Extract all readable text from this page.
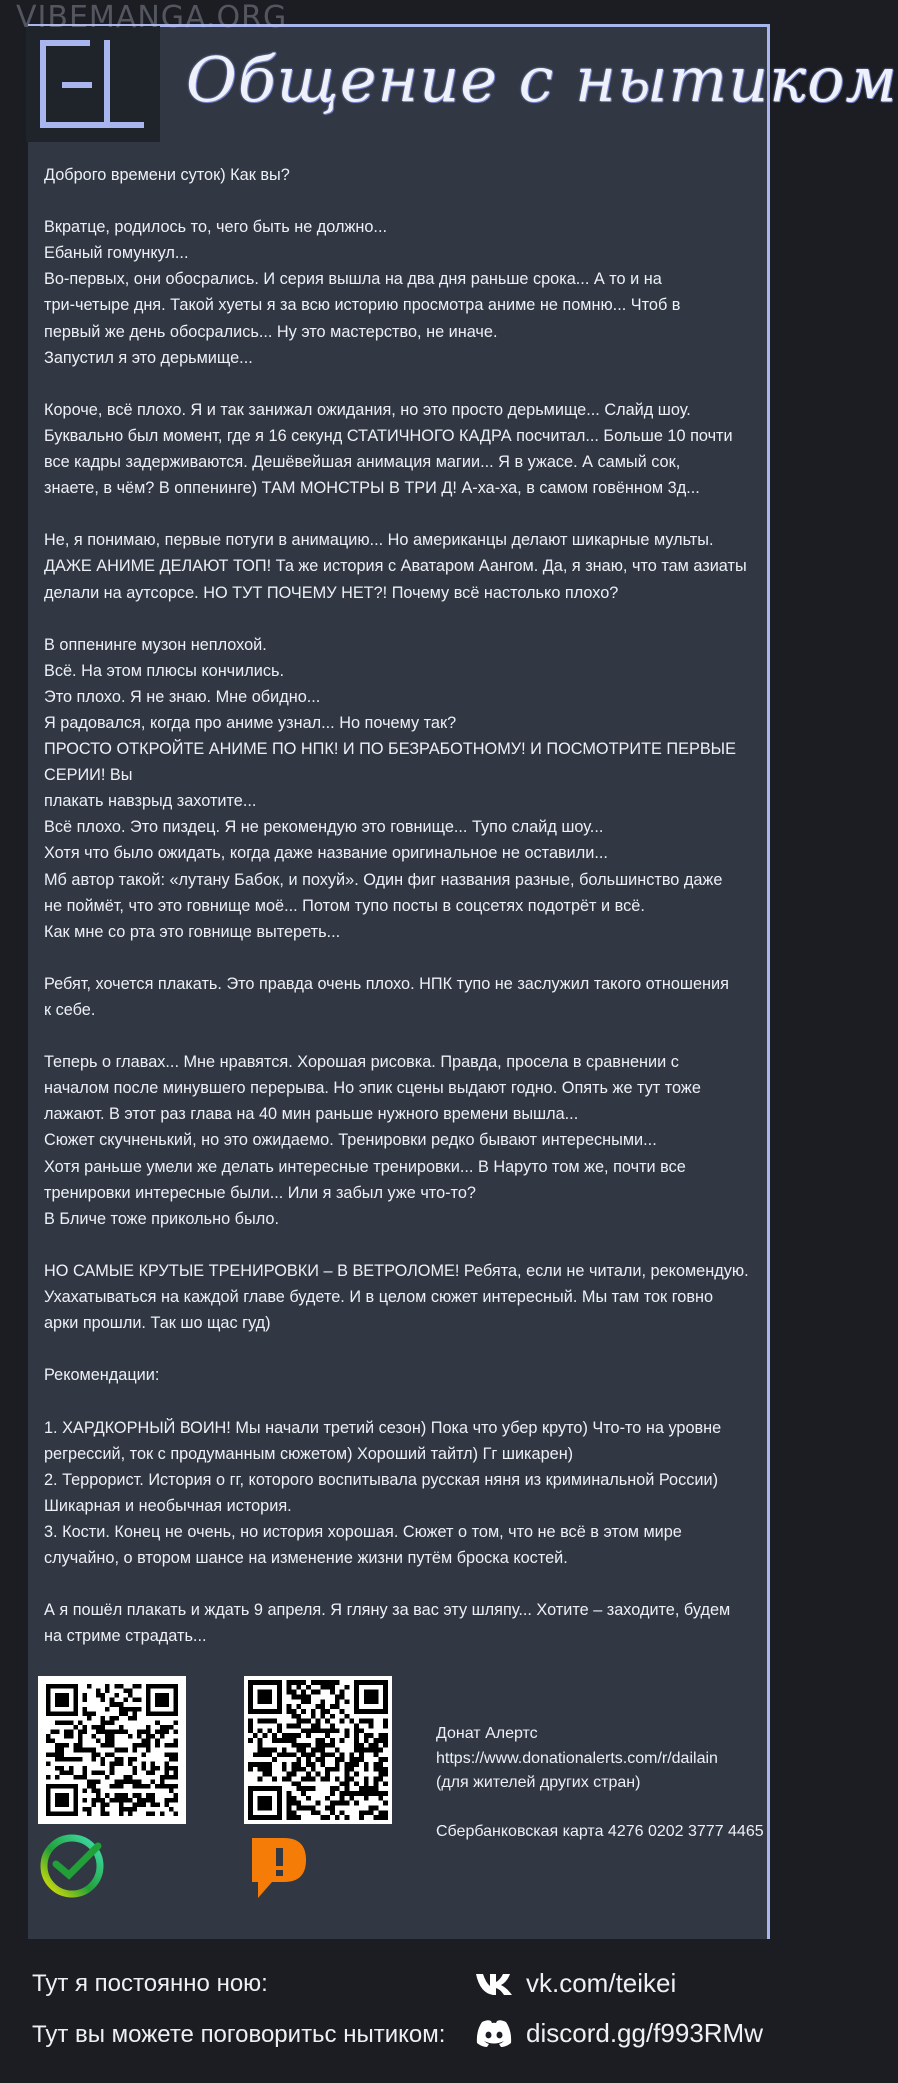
VIBEMANGA.ORG
Общение с нытиком

Доброго времени суток) Как вы?

Вкратце, родилось то, чего быть не должно...

Ебаный гомункул...

Во-первых, они обосрались. И серия вышла на два дня раньше срока... А то и на

три-четыре дня. Такой хуеты я за всю историю просмотра аниме не помню... Чтоб в

первый же день обосрались... Ну это мастерство, не иначе.

Запустил я это дерьмище...

Короче, всё плохо. Я и так занижал ожидания, но это просто дерьмище... Слайд шоу.

Буквально был момент, где я 16 секунд СТАТИЧНОГО КАДРА посчитал... Больше 10 почти

все кадры задерживаются. Дешёвейшая анимация магии... Я в ужасе. А самый сок,

знаете, в чём? В оппенинге) ТАМ МОНСТРЫ В ТРИ Д! А-ха-ха, в самом говённом 3д...

Не, я понимаю, первые потуги в анимацию... Но американцы делают шикарные мульты.

ДАЖЕ АНИМЕ ДЕЛАЮТ ТОП! Та же история с Аватаром Аангом. Да, я знаю, что там азиаты

делали на аутсорсе. НО ТУТ ПОЧЕМУ НЕТ?! Почему всё настолько плохо?

В оппенинге музон неплохой.

Всё. На этом плюсы кончились.

Это плохо. Я не знаю. Мне обидно...

Я радовался, когда про аниме узнал... Но почему так?

ПРОСТО ОТКРОЙТЕ АНИМЕ ПО НПК! И ПО БЕЗРАБОТНОМУ! И ПОСМОТРИТЕ ПЕРВЫЕ СЕРИИ! Вы

плакать навзрыд захотите...

Всё плохо. Это пиздец. Я не рекомендую это говнище... Тупо слайд шоу...

Хотя что было ожидать, когда даже название оригинальное не оставили...

Мб автор такой: «лутану Бабок, и похуй». Один фиг названия разные, большинство даже

не поймёт, что это говнище моё... Потом тупо посты в соцсетях подотрёт и всё.

Как мне со рта это говнище вытереть...

Ребят, хочется плакать. Это правда очень плохо. НПК тупо не заслужил такого отношения

к себе.

Теперь о главах... Мне нравятся. Хорошая рисовка. Правда, просела в сравнении с

началом после минувшего перерыва. Но эпик сцены выдают годно. Опять же тут тоже

лажают. В этот раз глава на 40 мин раньше нужного времени вышла...

Сюжет скучненький, но это ожидаемо. Тренировки редко бывают интересными...

Хотя раньше умели же делать интересные тренировки... В Наруто том же, почти все

тренировки интересные были... Или я забыл уже что-то?

В Бличе тоже прикольно было.

НО САМЫЕ КРУТЫЕ ТРЕНИРОВКИ – В ВЕТРОЛОМЕ! Ребята, если не читали, рекомендую.

Ухахатываться на каждой главе будете. И в целом сюжет интересный. Мы там ток говно

арки прошли. Так шо щас гуд)

Рекомендации:

1. ХАРДКОРНЫЙ ВОИН! Мы начали третий сезон) Пока что убер круто) Что-то на уровне

регрессий, ток с продуманным сюжетом) Хороший тайтл) Гг шикарен)

2. Террорист. История о гг, которого воспитывала русская няня из криминальной России)

Шикарная и необычная история.

3. Кости. Конец не очень, но история хорошая. Сюжет о том, что не всё в этом мире

случайно, о втором шансе на изменение жизни путём броска костей.

А я пошёл плакать и ждать 9 апреля. Я гляну за вас эту шляпу... Хотите – заходите, будем

на стриме страдать...

Донат Алертс
https://www.donationalerts.com/r/dailain
(для жителей других стран)
Сбербанковская карта 4276 0202 3777 4465
Тут я постоянно ною:	vk.com/teikei
Тут вы можете поговоритьс нытиком:	discord.gg/f993RMw
